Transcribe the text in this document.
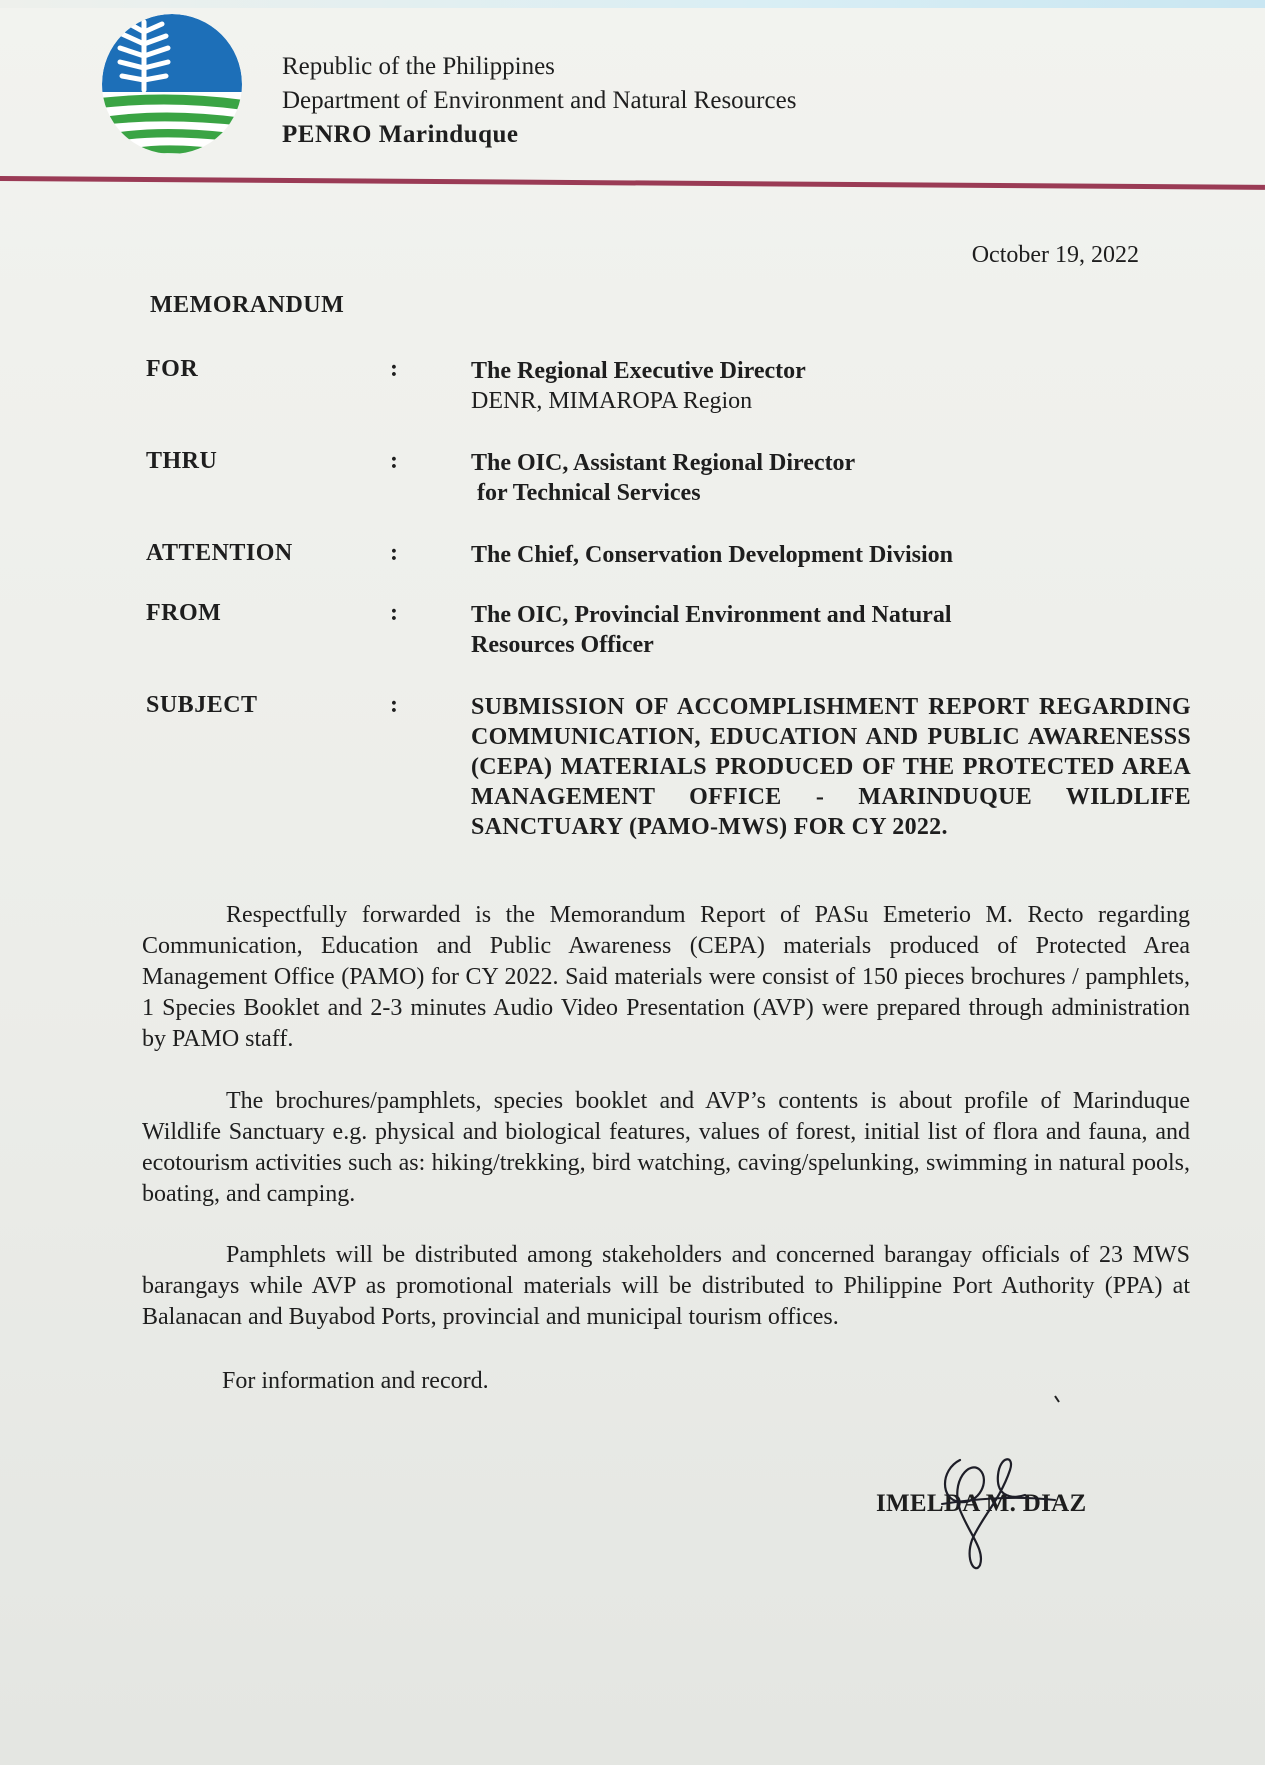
Republic of the Philippines
Department of Environment and Natural Resources
PENRO Marinduque
October 19, 2022
MEMORANDUM
FOR	:	The Regional Executive Director
DENR, MIMAROPA Region
THRU	:	The OIC, Assistant Regional Director
for Technical Services
ATTENTION	:	The Chief, Conservation Development Division
FROM	:	The OIC, Provincial Environment and Natural
Resources Officer
SUBJECT	:	SUBMISSION OF ACCOMPLISHMENT REPORT REGARDING COMMUNICATION, EDUCATION AND PUBLIC AWARENESSS (CEPA) MATERIALS PRODUCED OF THE PROTECTED AREA MANAGEMENT OFFICE - MARINDUQUE WILDLIFE SANCTUARY (PAMO-MWS) FOR CY 2022.
Respectfully forwarded is the Memorandum Report of PASu Emeterio M. Recto regarding Communication, Education and Public Awareness (CEPA) materials produced of Protected Area Management Office (PAMO) for CY 2022. Said materials were consist of 150 pieces brochures / pamphlets, 1 Species Booklet and 2-3 minutes Audio Video Presentation (AVP) were prepared through administration by PAMO staff.
The brochures/pamphlets, species booklet and AVP’s contents is about profile of Marinduque Wildlife Sanctuary e.g. physical and biological features, values of forest, initial list of flora and fauna, and ecotourism activities such as: hiking/trekking, bird watching, caving/spelunking, swimming in natural pools, boating, and camping.
Pamphlets will be distributed among stakeholders and concerned barangay officials of 23 MWS barangays while AVP as promotional materials will be distributed to Philippine Port Authority (PPA) at Balanacan and Buyabod Ports, provincial and municipal tourism offices.
For information and record.
IMELDA M. DIAZ
